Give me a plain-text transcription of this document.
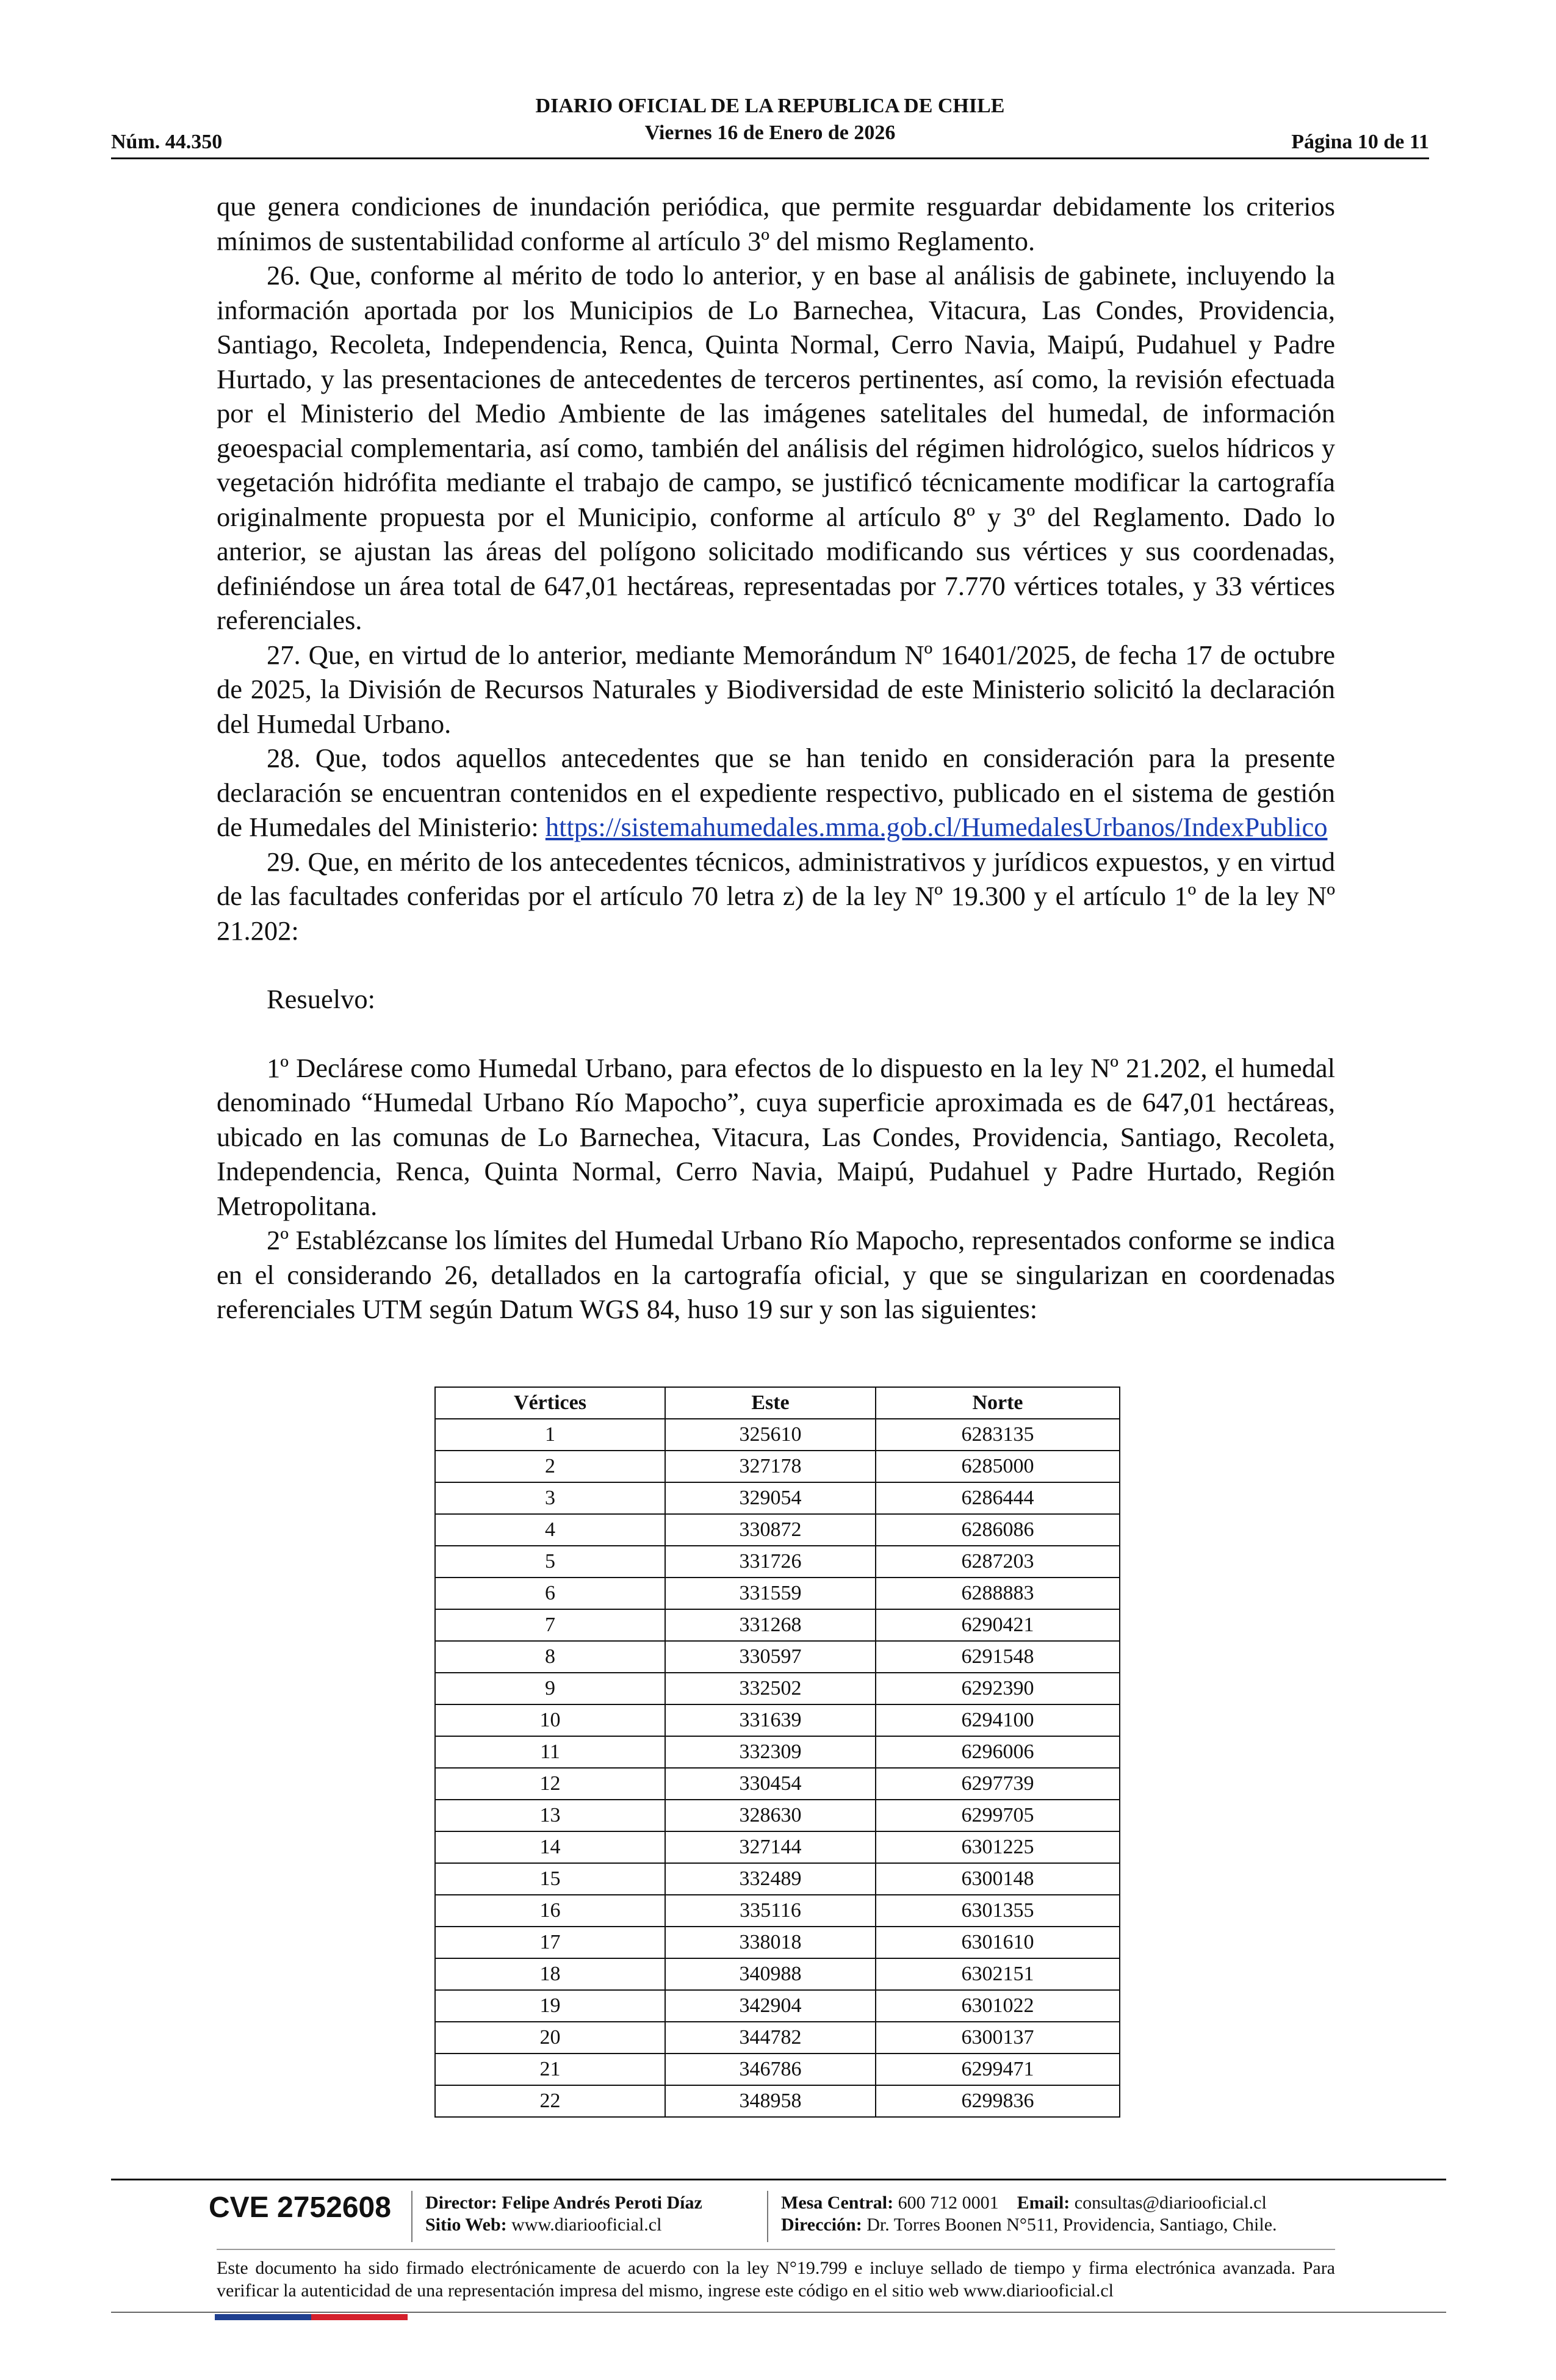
DIARIO OFICIAL DE LA REPUBLICA DE CHILE
Núm. 44.350	Viernes 16 de Enero de 2026	Página 10 de 11

que genera condiciones de inundación periódica, que permite resguardar debidamente los criterios mínimos de sustentabilidad conforme al artículo 3º del mismo Reglamento.

26. Que, conforme al mérito de todo lo anterior, y en base al análisis de gabinete, incluyendo la información aportada por los Municipios de Lo Barnechea, Vitacura, Las Condes, Providencia, Santiago, Recoleta, Independencia, Renca, Quinta Normal, Cerro Navia, Maipú, Pudahuel y Padre Hurtado, y las presentaciones de antecedentes de terceros pertinentes, así como, la revisión efectuada por el Ministerio del Medio Ambiente de las imágenes satelitales del humedal, de información geoespacial complementaria, así como, también del análisis del régimen hidrológico, suelos hídricos y vegetación hidrófita mediante el trabajo de campo, se justificó técnicamente modificar la cartografía originalmente propuesta por el Municipio, conforme al artículo 8º y 3º del Reglamento. Dado lo anterior, se ajustan las áreas del polígono solicitado modificando sus vértices y sus coordenadas, definiéndose un área total de 647,01 hectáreas, representadas por 7.770 vértices totales, y 33 vértices referenciales.

27. Que, en virtud de lo anterior, mediante Memorándum Nº 16401/2025, de fecha 17 de octubre de 2025, la División de Recursos Naturales y Biodiversidad de este Ministerio solicitó la declaración del Humedal Urbano.

28. Que, todos aquellos antecedentes que se han tenido en consideración para la presente declaración se encuentran contenidos en el expediente respectivo, publicado en el sistema de gestión de Humedales del Ministerio: https://sistemahumedales.mma.gob.cl/HumedalesUrbanos/IndexPublico

29. Que, en mérito de los antecedentes técnicos, administrativos y jurídicos expuestos, y en virtud de las facultades conferidas por el artículo 70 letra z) de la ley Nº 19.300 y el artículo 1º de la ley Nº 21.202:

Resuelvo:

1º Declárese como Humedal Urbano, para efectos de lo dispuesto en la ley Nº 21.202, el humedal denominado “Humedal Urbano Río Mapocho”, cuya superficie aproximada es de 647,01 hectáreas, ubicado en las comunas de Lo Barnechea, Vitacura, Las Condes, Providencia, Santiago, Recoleta, Independencia, Renca, Quinta Normal, Cerro Navia, Maipú, Pudahuel y Padre Hurtado, Región Metropolitana.

2º Establézcanse los límites del Humedal Urbano Río Mapocho, representados conforme se indica en el considerando 26, detallados en la cartografía oficial, y que se singularizan en coordenadas referenciales UTM según Datum WGS 84, huso 19 sur y son las siguientes:

Vértices	Este	Norte
1	325610	6283135
2	327178	6285000
3	329054	6286444
4	330872	6286086
5	331726	6287203
6	331559	6288883
7	331268	6290421
8	330597	6291548
9	332502	6292390
10	331639	6294100
11	332309	6296006
12	330454	6297739
13	328630	6299705
14	327144	6301225
15	332489	6300148
16	335116	6301355
17	338018	6301610
18	340988	6302151
19	342904	6301022
20	344782	6300137
21	346786	6299471
22	348958	6299836
CVE 2752608 Director: Felipe Andrés Peroti Díaz
Sitio Web: www.diariooficial.cl
Mesa Central: 600 712 0001 Email: consultas@diariooficial.cl
Dirección: Dr. Torres Boonen N°511, Providencia, Santiago, Chile.
Este documento ha sido firmado electrónicamente de acuerdo con la ley N°19.799 e incluye sellado de tiempo y firma electrónica avanzada. Para verificar la autenticidad de una representación impresa del mismo, ingrese este código en el sitio web www.diariooficial.cl
